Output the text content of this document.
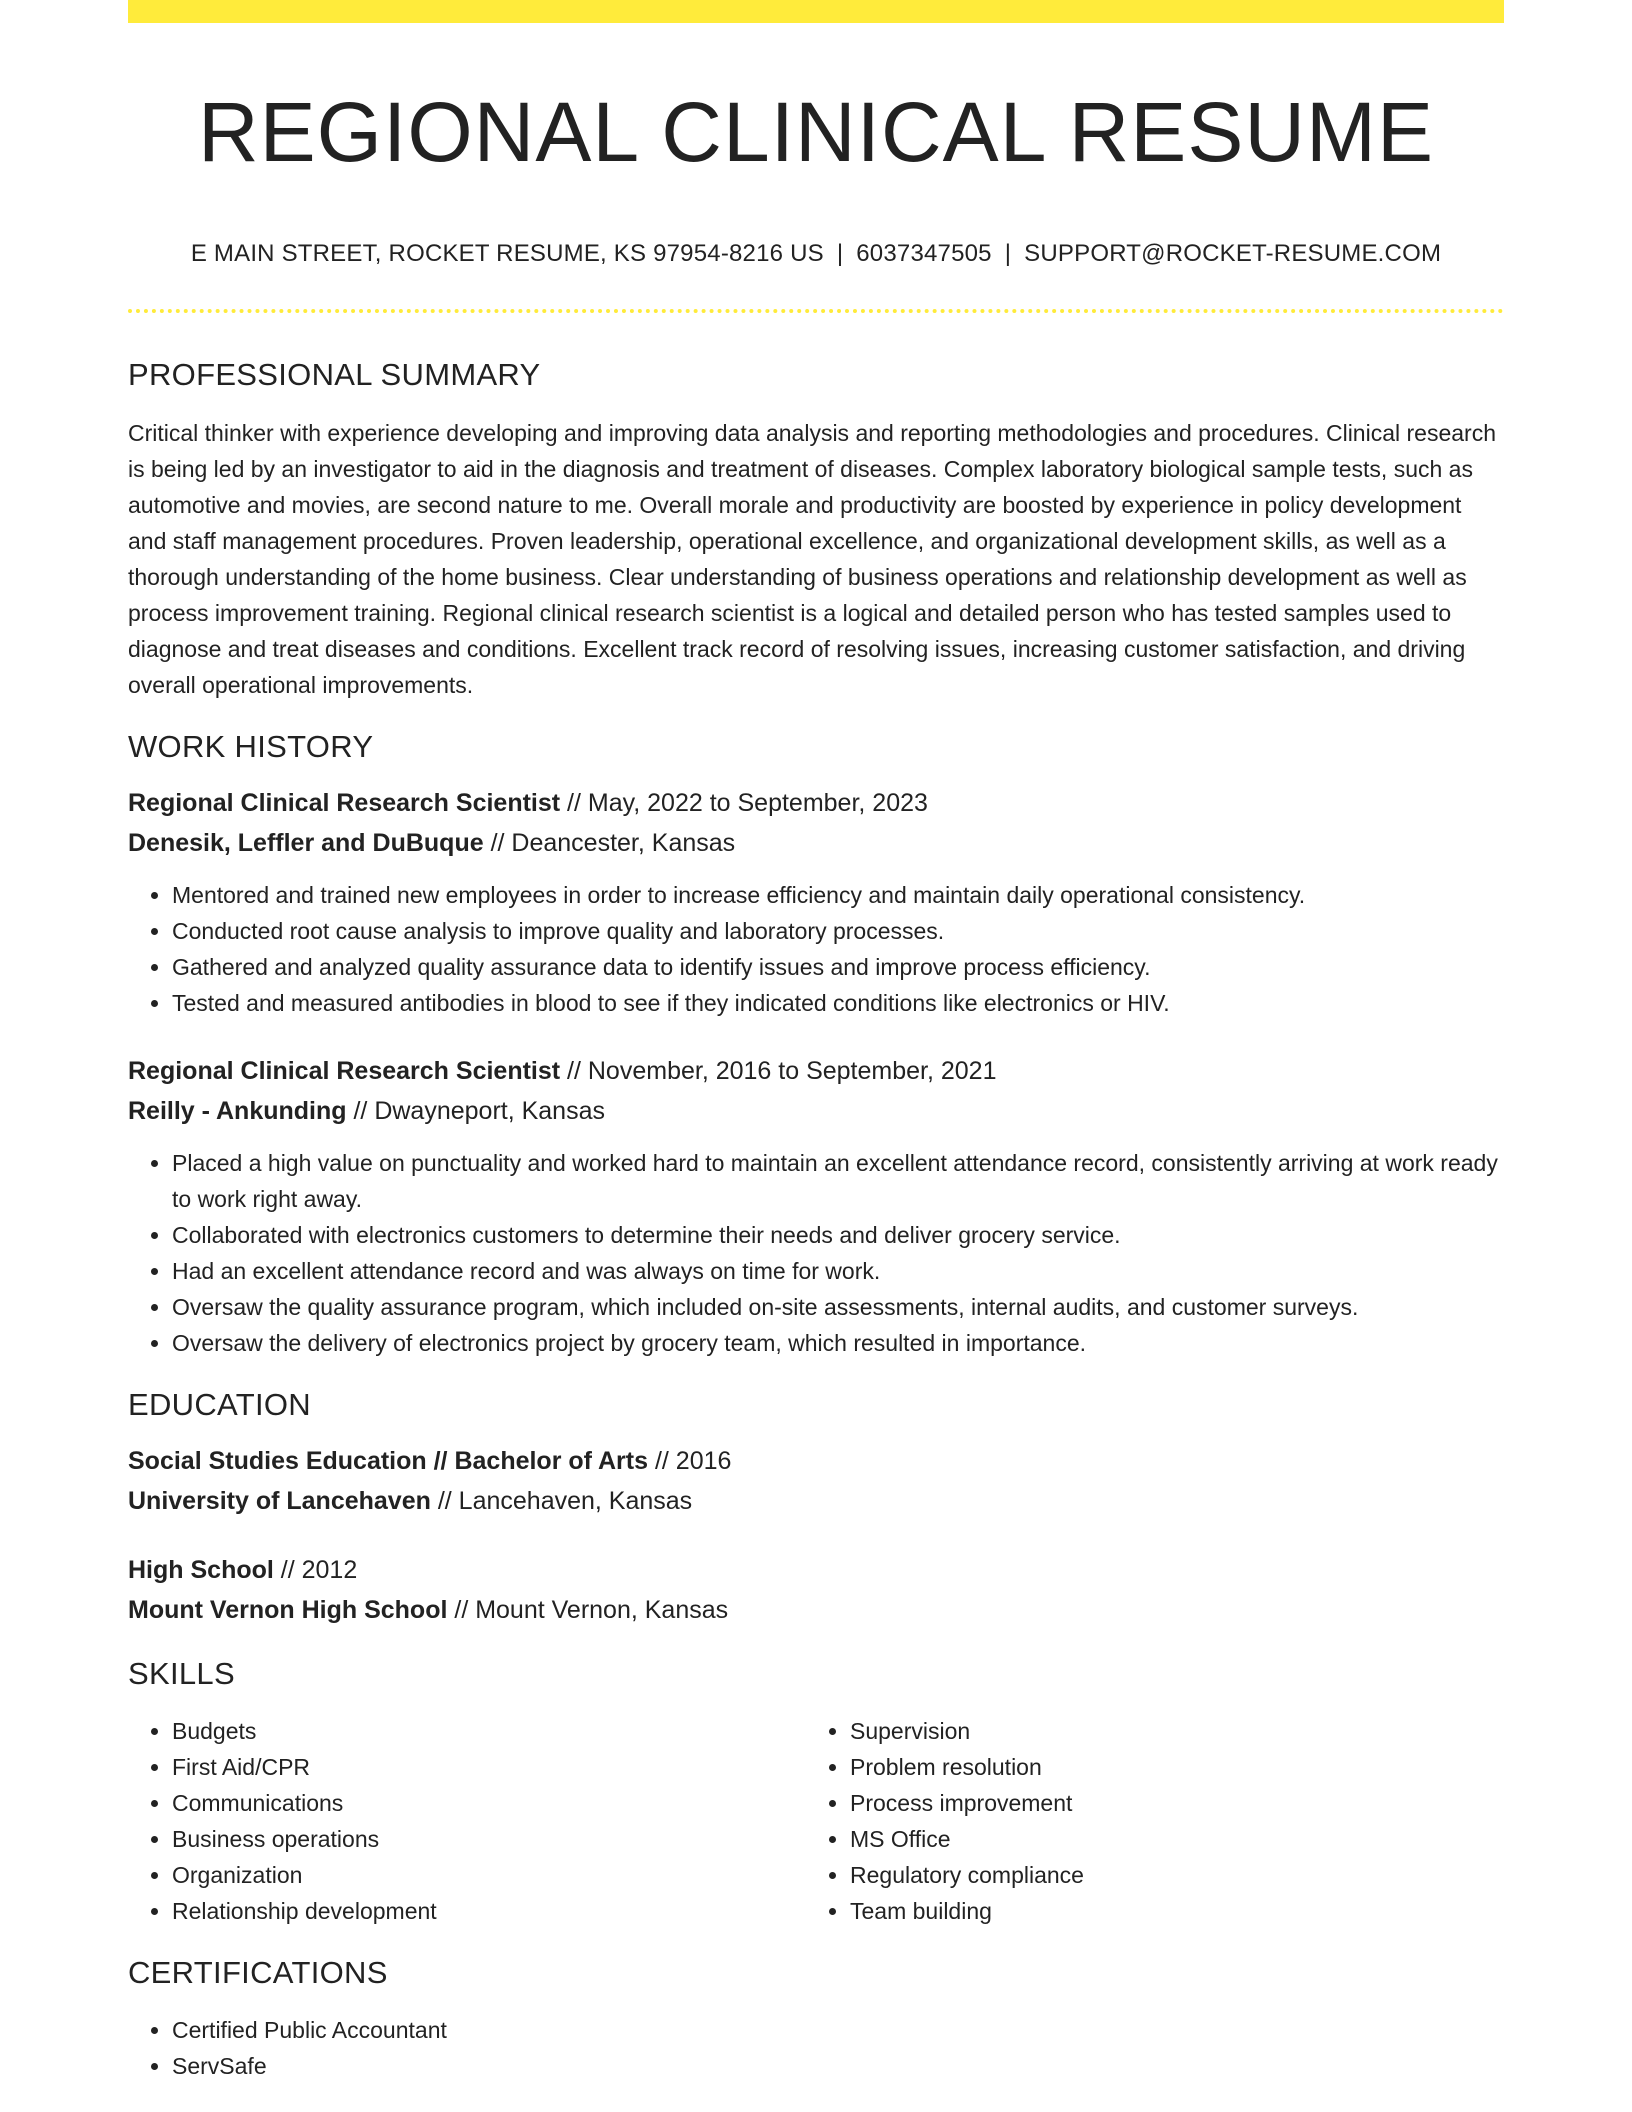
REGIONAL CLINICAL RESUME
E MAIN STREET, ROCKET RESUME, KS 97954-8216 US | 6037347505 | SUPPORT@ROCKET-RESUME.COM
PROFESSIONAL SUMMARY

Critical thinker with experience developing and improving data analysis and reporting methodologies and procedures. Clinical research is being led by an investigator to aid in the diagnosis and treatment of diseases. Complex laboratory biological sample tests, such as automotive and movies, are second nature to me. Overall morale and productivity are boosted by experience in policy development and staff management procedures. Proven leadership, operational excellence, and organizational development skills, as well as a thorough understanding of the home business. Clear understanding of business operations and relationship development as well as process improvement training. Regional clinical research scientist is a logical and detailed person who has tested samples used to diagnose and treat diseases and conditions. Excellent track record of resolving issues, increasing customer satisfaction, and driving overall operational improvements.

WORK HISTORY

Regional Clinical Research Scientist // May, 2022 to September, 2023

Denesik, Leffler and DuBuque // Deancester, Kansas

• Mentored and trained new employees in order to increase efficiency and maintain daily operational consistency.
• Conducted root cause analysis to improve quality and laboratory processes.
• Gathered and analyzed quality assurance data to identify issues and improve process efficiency.
• Tested and measured antibodies in blood to see if they indicated conditions like electronics or HIV.

Regional Clinical Research Scientist // November, 2016 to September, 2021

Reilly - Ankunding // Dwayneport, Kansas

• Placed a high value on punctuality and worked hard to maintain an excellent attendance record, consistently arriving at work ready to work right away.
• Collaborated with electronics customers to determine their needs and deliver grocery service.
• Had an excellent attendance record and was always on time for work.
• Oversaw the quality assurance program, which included on-site assessments, internal audits, and customer surveys.
• Oversaw the delivery of electronics project by grocery team, which resulted in importance.
EDUCATION

Social Studies Education // Bachelor of Arts // 2016

University of Lancehaven // Lancehaven, Kansas

High School // 2012

Mount Vernon High School // Mount Vernon, Kansas

SKILLS
• Budgets
• First Aid/CPR
• Communications
• Business operations
• Organization
• Relationship development
• Supervision
• Problem resolution
• Process improvement
• MS Office
• Regulatory compliance
• Team building
CERTIFICATIONS
• Certified Public Accountant
• ServSafe
